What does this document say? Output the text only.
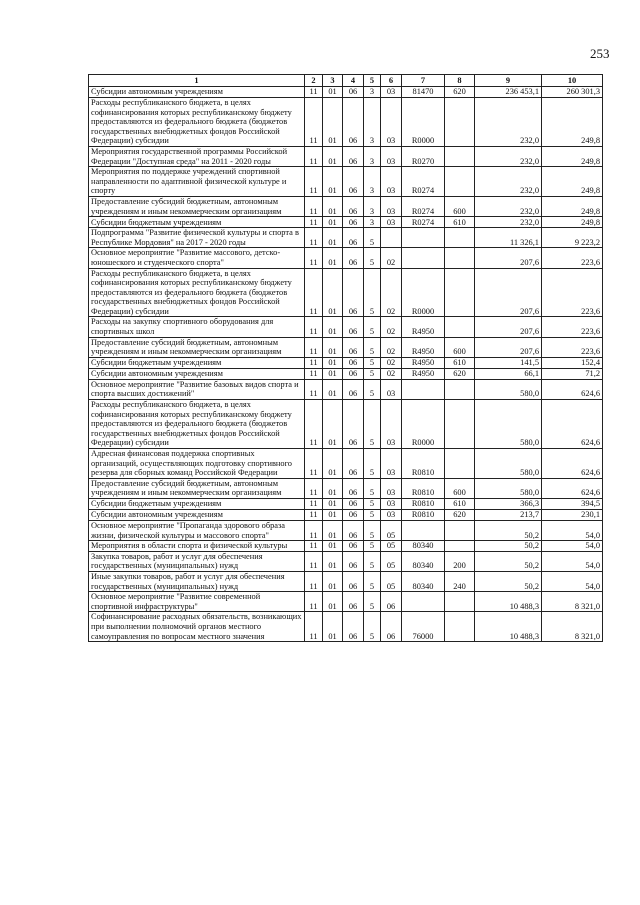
253
1	2	3	4	5	6	7	8	9	10
Субсидии автономным учреждениям	11	01	06	3	03	81470	620	236 453,1	260 301,3
Расходы республиканского бюджета, в целях софинансирования которых республиканскому бюджету предоставляются из федерального бюджета (бюджетов государственных внебюджетных фондов Российской Федерации) субсидии	11	01	06	3	03	R0000		232,0	249,8
Мероприятия государственной программы Российской Федерации "Доступная среда" на 2011 - 2020 годы	11	01	06	3	03	R0270		232,0	249,8
Мероприятия по поддержке учреждений спортивной направленности по адаптивной физической культуре и спорту	11	01	06	3	03	R0274		232,0	249,8
Предоставление субсидий бюджетным, автономным учреждениям и иным некоммерческим организациям	11	01	06	3	03	R0274	600	232,0	249,8
Субсидии бюджетным учреждениям	11	01	06	3	03	R0274	610	232,0	249,8
Подпрограмма "Развитие физической культуры и спорта в Республике Мордовия" на 2017 - 2020 годы	11	01	06	5				11 326,1	9 223,2
Основное мероприятие "Развитие массового, детско-юношеского и студенческого спорта"	11	01	06	5	02			207,6	223,6
Расходы республиканского бюджета, в целях софинансирования которых республиканскому бюджету предоставляются из федерального бюджета (бюджетов государственных внебюджетных фондов Российской Федерации) субсидии	11	01	06	5	02	R0000		207,6	223,6
Расходы на закупку спортивного оборудования для спортивных школ	11	01	06	5	02	R4950		207,6	223,6
Предоставление субсидий бюджетным, автономным учреждениям и иным некоммерческим организациям	11	01	06	5	02	R4950	600	207,6	223,6
Субсидии бюджетным учреждениям	11	01	06	5	02	R4950	610	141,5	152,4
Субсидии автономным учреждениям	11	01	06	5	02	R4950	620	66,1	71,2
Основное мероприятие "Развитие базовых видов спорта и спорта высших достижений"	11	01	06	5	03			580,0	624,6
Расходы республиканского бюджета, в целях софинансирования которых республиканскому бюджету предоставляются из федерального бюджета (бюджетов государственных внебюджетных фондов Российской Федерации) субсидии	11	01	06	5	03	R0000		580,0	624,6
Адресная финансовая поддержка спортивных организаций, осуществляющих подготовку спортивного резерва для сборных команд Российской Федерации	11	01	06	5	03	R0810		580,0	624,6
Предоставление субсидий бюджетным, автономным учреждениям и иным некоммерческим организациям	11	01	06	5	03	R0810	600	580,0	624,6
Субсидии бюджетным учреждениям	11	01	06	5	03	R0810	610	366,3	394,5
Субсидии автономным учреждениям	11	01	06	5	03	R0810	620	213,7	230,1
Основное мероприятие "Пропаганда здорового образа жизни, физической культуры и массового спорта"	11	01	06	5	05			50,2	54,0
Мероприятия в области спорта и физической культуры	11	01	06	5	05	80340		50,2	54,0
Закупка товаров, работ и услуг для обеспечения государственных (муниципальных) нужд	11	01	06	5	05	80340	200	50,2	54,0
Иные закупки товаров, работ и услуг для обеспечения государственных (муниципальных) нужд	11	01	06	5	05	80340	240	50,2	54,0
Основное мероприятие "Развитие современной спортивной инфраструктуры"	11	01	06	5	06			10 488,3	8 321,0
Софинансирование расходных обязательств, возникающих при выполнении полномочий органов местного самоуправления по вопросам местного значения	11	01	06	5	06	76000		10 488,3	8 321,0
